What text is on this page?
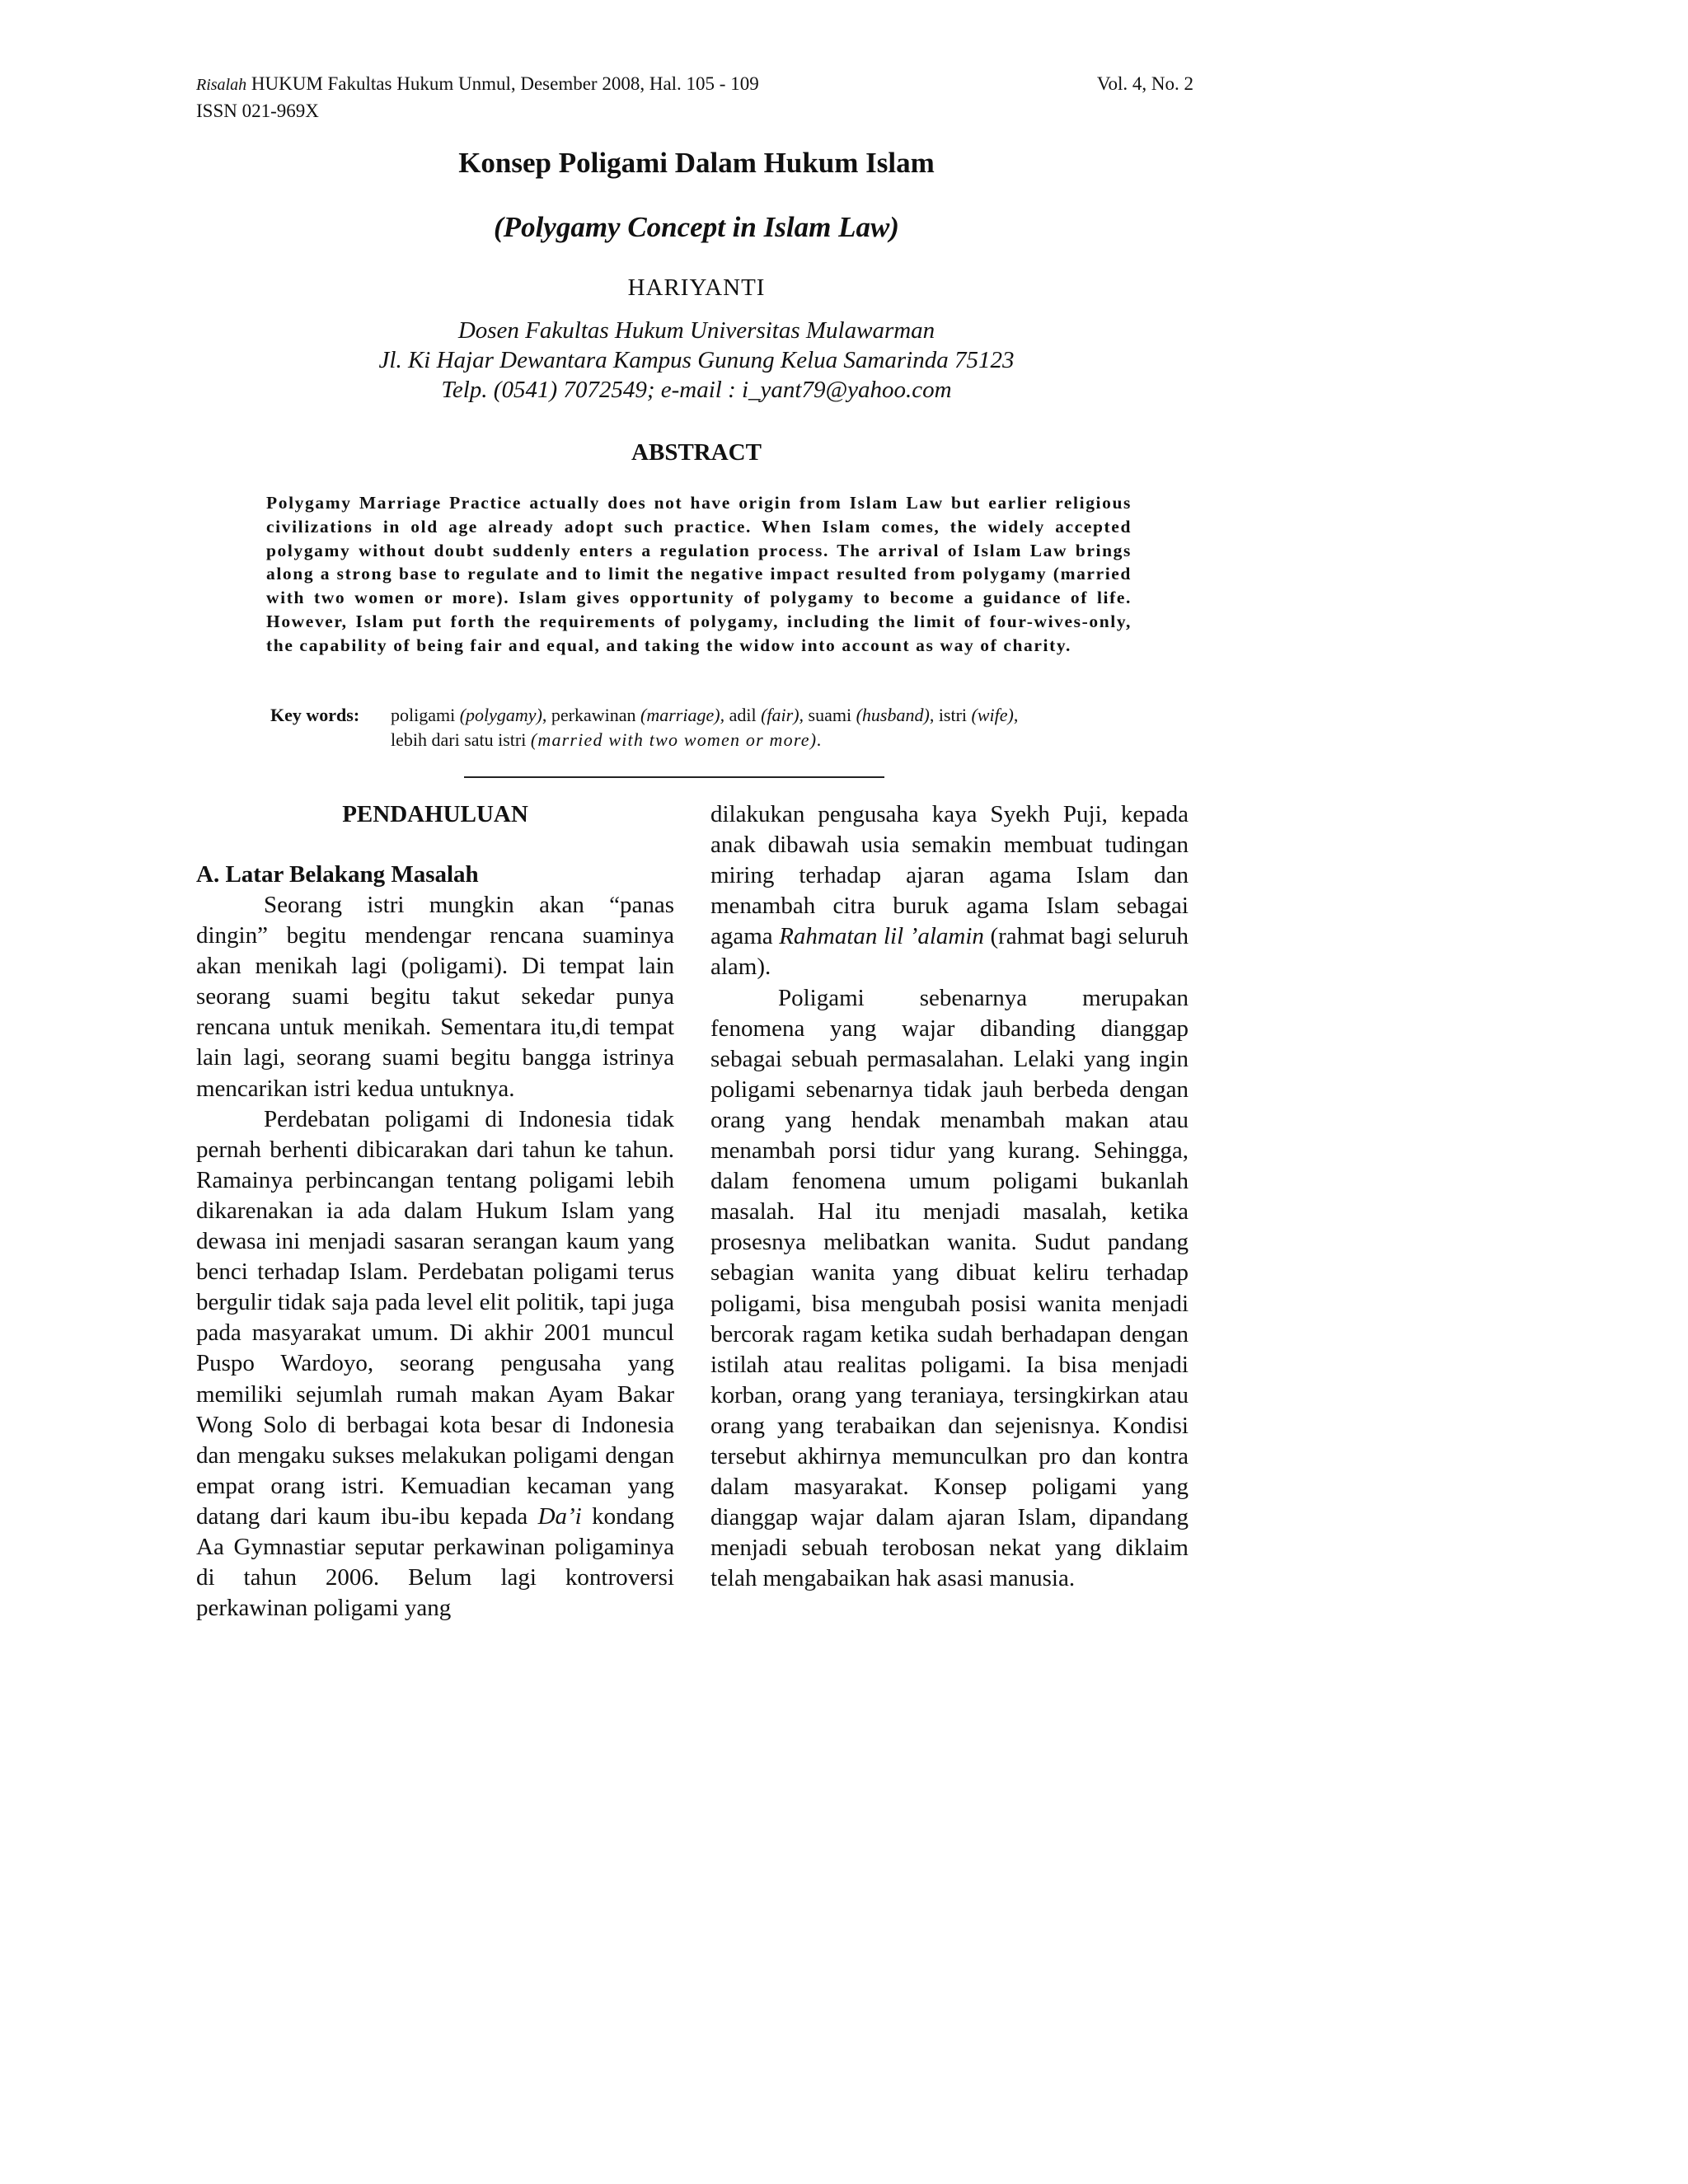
Risalah HUKUM Fakultas Hukum Unmul, Desember 2008, Hal. 105 - 109	Vol. 4, No. 2
ISSN 021-969X
Konsep Poligami Dalam Hukum Islam
(Polygamy Concept in Islam Law)
HARIYANTI
Dosen Fakultas Hukum Universitas Mulawarman
Jl. Ki Hajar Dewantara Kampus Gunung Kelua Samarinda 75123
Telp. (0541) 7072549; e-mail : i_yant79@yahoo.com
ABSTRACT
Polygamy Marriage Practice actually does not have origin from Islam Law but earlier religious civilizations in old age already adopt such practice. When Islam comes, the widely accepted polygamy without doubt suddenly enters a regulation process. The arrival of Islam Law brings along a strong base to regulate and to limit the negative impact resulted from polygamy (married with two women or more). Islam gives opportunity of polygamy to become a guidance of life. However, Islam put forth the requirements of polygamy, including the limit of four-wives-only, the capability of being fair and equal, and taking the widow into account as way of charity.
Key words:	poligami (polygamy), perkawinan (marriage), adil (fair), suami (husband), istri (wife),
lebih dari satu istri (married with two women or more).
PENDAHULUAN
A. Latar Belakang Masalah

Seorang istri mungkin akan “panas dingin” begitu mendengar rencana suaminya akan menikah lagi (poligami). Di tempat lain seorang suami begitu takut sekedar punya rencana untuk menikah. Sementara itu,di tempat lain lagi, seorang suami begitu bangga istrinya mencarikan istri kedua untuknya.

Perdebatan poligami di Indonesia tidak pernah berhenti dibicarakan dari tahun ke tahun. Ramainya perbincangan tentang poligami lebih dikarenakan ia ada dalam Hukum Islam yang dewasa ini menjadi sasaran serangan kaum yang benci terhadap Islam. Perdebatan poligami terus bergulir tidak saja pada level elit politik, tapi juga pada masyarakat umum. Di akhir 2001 muncul Puspo Wardoyo, seorang pengusaha yang memiliki sejumlah rumah makan Ayam Bakar Wong Solo di berbagai kota besar di Indonesia dan mengaku sukses melakukan poligami dengan empat orang istri. Kemuadian kecaman yang datang dari kaum ibu-ibu kepada Da’i kondang Aa Gymnastiar seputar perkawinan poligaminya di tahun 2006. Belum lagi kontroversi perkawinan poligami yang

dilakukan pengusaha kaya Syekh Puji, kepada anak dibawah usia semakin membuat tudingan miring terhadap ajaran agama Islam dan menambah citra buruk agama Islam sebagai agama Rahmatan lil ’alamin (rahmat bagi seluruh alam).

Poligami sebenarnya merupakan fenomena yang wajar dibanding dianggap sebagai sebuah permasalahan. Lelaki yang ingin poligami sebenarnya tidak jauh berbeda dengan orang yang hendak menambah makan atau menambah porsi tidur yang kurang. Sehingga, dalam fenomena umum poligami bukanlah masalah. Hal itu menjadi masalah, ketika prosesnya melibatkan wanita. Sudut pandang sebagian wanita yang dibuat keliru terhadap poligami, bisa mengubah posisi wanita menjadi bercorak ragam ketika sudah berhadapan dengan istilah atau realitas poligami. Ia bisa menjadi korban, orang yang teraniaya, tersingkirkan atau orang yang terabaikan dan sejenisnya. Kondisi tersebut akhirnya memunculkan pro dan kontra dalam masyarakat. Konsep poligami yang dianggap wajar dalam ajaran Islam, dipandang menjadi sebuah terobosan nekat yang diklaim telah mengabaikan hak asasi manusia.
